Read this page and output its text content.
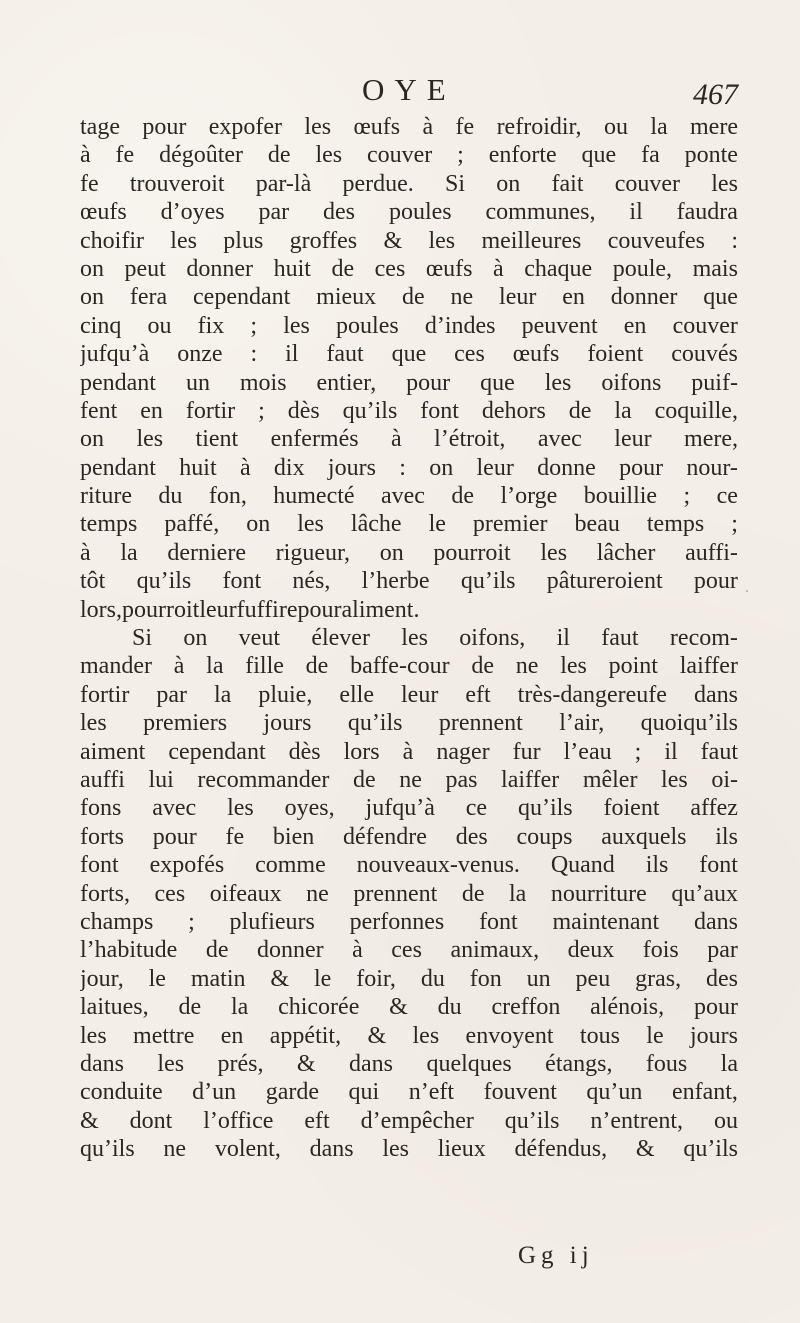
OYE	467
tage pour expofer les œufs à fe refroidir, ou la mere
à fe dégoûter de les couver ; enforte que fa ponte
fe trouveroit par-là perdue. Si on fait couver les
œufs d’oyes par des poules communes, il faudra
choifir les plus groffes & les meilleures couveufes :
on peut donner huit de ces œufs à chaque poule, mais
on fera cependant mieux de ne leur en donner que
cinq ou fix ; les poules d’indes peuvent en couver
jufqu’à onze : il faut que ces œufs foient couvés
pendant un mois entier, pour que les oifons puif-
fent en fortir ; dès qu’ils font dehors de la coquille,
on les tient enfermés à l’étroit, avec leur mere,
pendant huit à dix jours : on leur donne pour nour-
riture du fon, humecté avec de l’orge bouillie ; ce
temps paffé, on les lâche le premier beau temps ;
à la derniere rigueur, on pourroit les lâcher auffi-
tôt qu’ils font nés, l’herbe qu’ils pâtureroient pour
lors, pourroit leur fuffire pour aliment.
Si on veut élever les oifons, il faut recom-
mander à la fille de baffe-cour de ne les point laiffer
fortir par la pluie, elle leur eft très-dangereufe dans
les premiers jours qu’ils prennent l’air, quoiqu’ils
aiment cependant dès lors à nager fur l’eau ; il faut
auffi lui recommander de ne pas laiffer mêler les oi-
fons avec les oyes, jufqu’à ce qu’ils foient affez
forts pour fe bien défendre des coups auxquels ils
font expofés comme nouveaux-venus. Quand ils font
forts, ces oifeaux ne prennent de la nourriture qu’aux
champs ; plufieurs perfonnes font maintenant dans
l’habitude de donner à ces animaux, deux fois par
jour, le matin & le foir, du fon un peu gras, des
laitues, de la chicorée & du creffon alénois, pour
les mettre en appétit, & les envoyent tous le jours
dans les prés, & dans quelques étangs, fous la
conduite d’un garde qui n’eft fouvent qu’un enfant,
& dont l’office eft d’empêcher qu’ils n’entrent, ou
qu’ils ne volent, dans les lieux défendus, & qu’ils
Gg ij
˙
